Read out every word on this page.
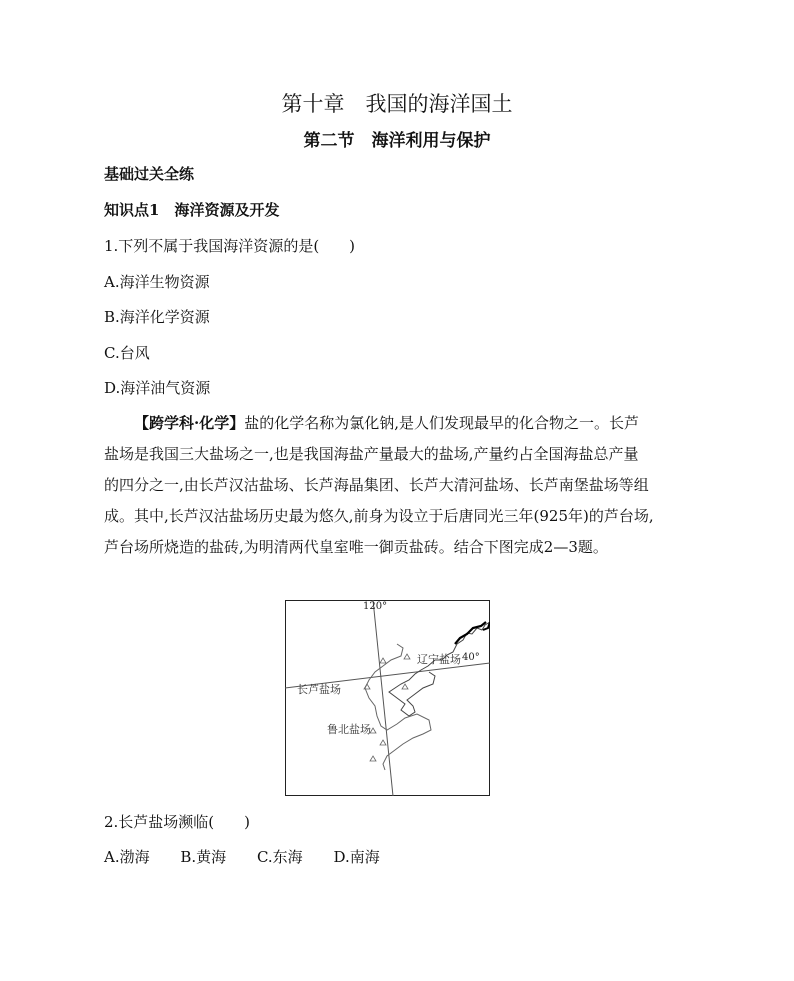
第十章　我国的海洋国土
第二节　海洋利用与保护
基础过关全练
知识点1　海洋资源及开发
1.下列不属于我国海洋资源的是(　　)
A.海洋生物资源
B.海洋化学资源
C.台风
D.海洋油气资源
【跨学科·化学】盐的化学名称为氯化钠,是人们发现最早的化合物之一。长芦
盐场是我国三大盐场之一,也是我国海盐产量最大的盐场,产量约占全国海盐总产量
的四分之一,由长芦汉沽盐场、长芦海晶集团、长芦大清河盐场、长芦南堡盐场等组
成。其中,长芦汉沽盐场历史最为悠久,前身为设立于后唐同光三年(925年)的芦台场,
芦台场所烧造的盐砖,为明清两代皇室唯一御贡盐砖。结合下图完成2—3题。
120°
40°
辽宁盐场
长芦盐场
鲁北盐场
2.长芦盐场濒临(　　)
A.渤海 B.黄海 C.东海 D.南海
